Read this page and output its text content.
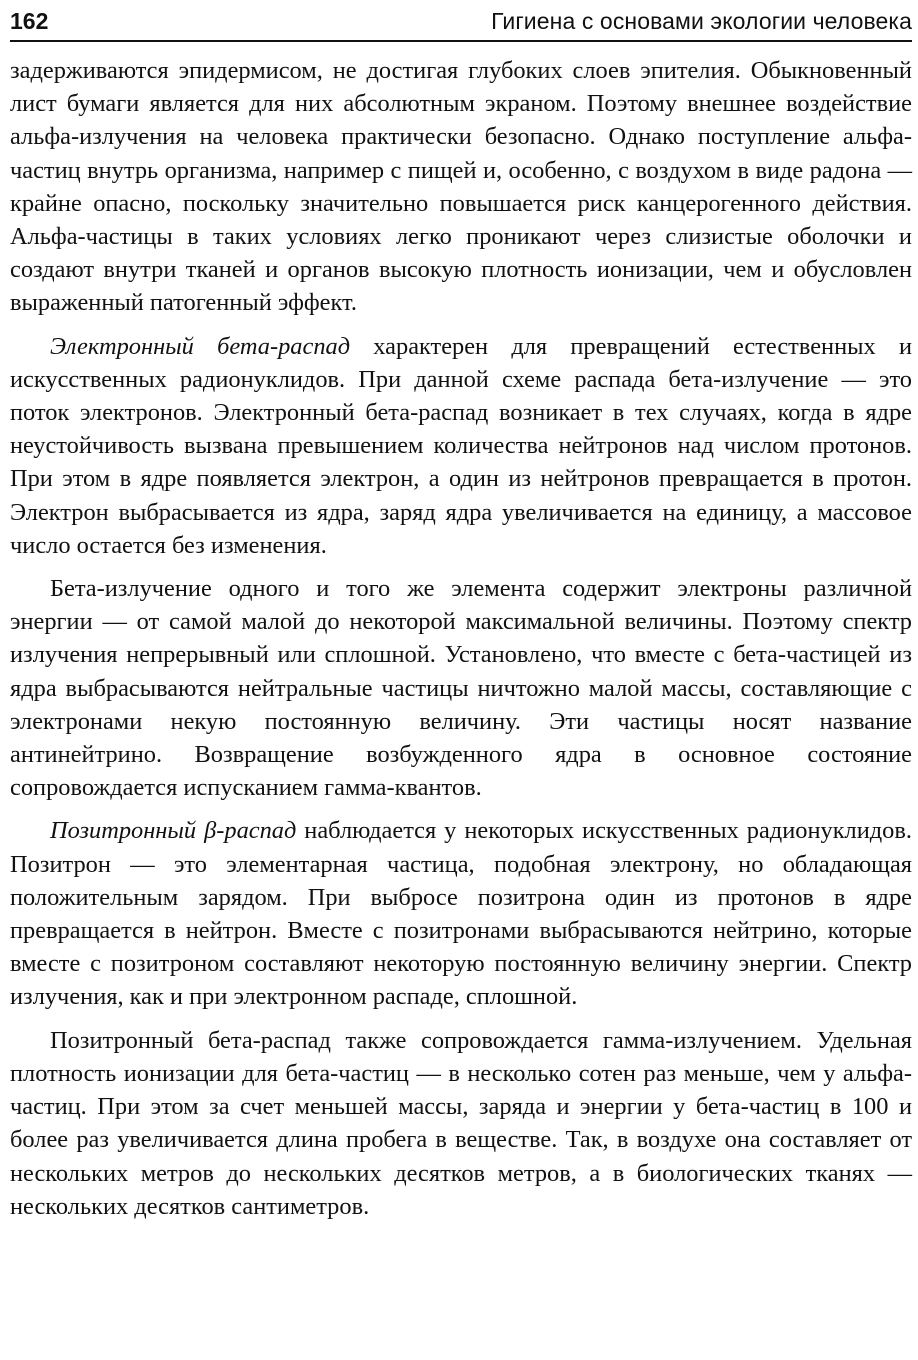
162	Гигиена с основами экологии человека

задерживаются эпидермисом, не достигая глубоких слоев эпителия. Обыкновенный лист бумаги является для них абсолютным экраном. Поэтому внешнее воздействие альфа-излучения на человека практически безопасно. Однако поступление альфа-частиц внутрь организма, например с пищей и, особенно, с воздухом в виде радона — крайне опасно, поскольку значительно повышается риск канцерогенного действия. Альфа-частицы в таких условиях легко проникают через слизистые оболочки и создают внутри тканей и органов высокую плотность ионизации, чем и обусловлен выраженный патогенный эффект.

Электронный бета-распад характерен для превращений естественных и искусственных радионуклидов. При данной схеме распада бета-излучение — это поток электронов. Электронный бета-распад возникает в тех случаях, когда в ядре неустойчивость вызвана превышением количества нейтронов над числом протонов. При этом в ядре появляется электрон, а один из нейтронов превращается в протон. Электрон выбрасывается из ядра, заряд ядра увеличивается на единицу, а массовое число остается без изменения.

Бета-излучение одного и того же элемента содержит электроны различной энергии — от самой малой до некоторой максимальной величины. Поэтому спектр излучения непрерывный или сплошной. Установлено, что вместе с бета-частицей из ядра выбрасываются нейтральные частицы ничтожно малой массы, составляющие с электронами некую постоянную величину. Эти частицы носят название антинейтрино. Возвращение возбужденного ядра в основное состояние сопровождается испусканием гамма-квантов.

Позитронный β-распад наблюдается у некоторых искусственных радионуклидов. Позитрон — это элементарная частица, подобная электрону, но обладающая положительным зарядом. При выбросе позитрона один из протонов в ядре превращается в нейтрон. Вместе с позитронами выбрасываются нейтрино, которые вместе с позитроном составляют некоторую постоянную величину энергии. Спектр излучения, как и при электронном распаде, сплошной.

Позитронный бета-распад также сопровождается гамма-излучением. Удельная плотность ионизации для бета-частиц — в несколько сотен раз меньше, чем у альфа-частиц. При этом за счет меньшей массы, заряда и энергии у бета-частиц в 100 и более раз увеличивается длина пробега в веществе. Так, в воздухе она составляет от нескольких метров до нескольких десятков метров, а в биологических тканях — нескольких десятков сантиметров.
